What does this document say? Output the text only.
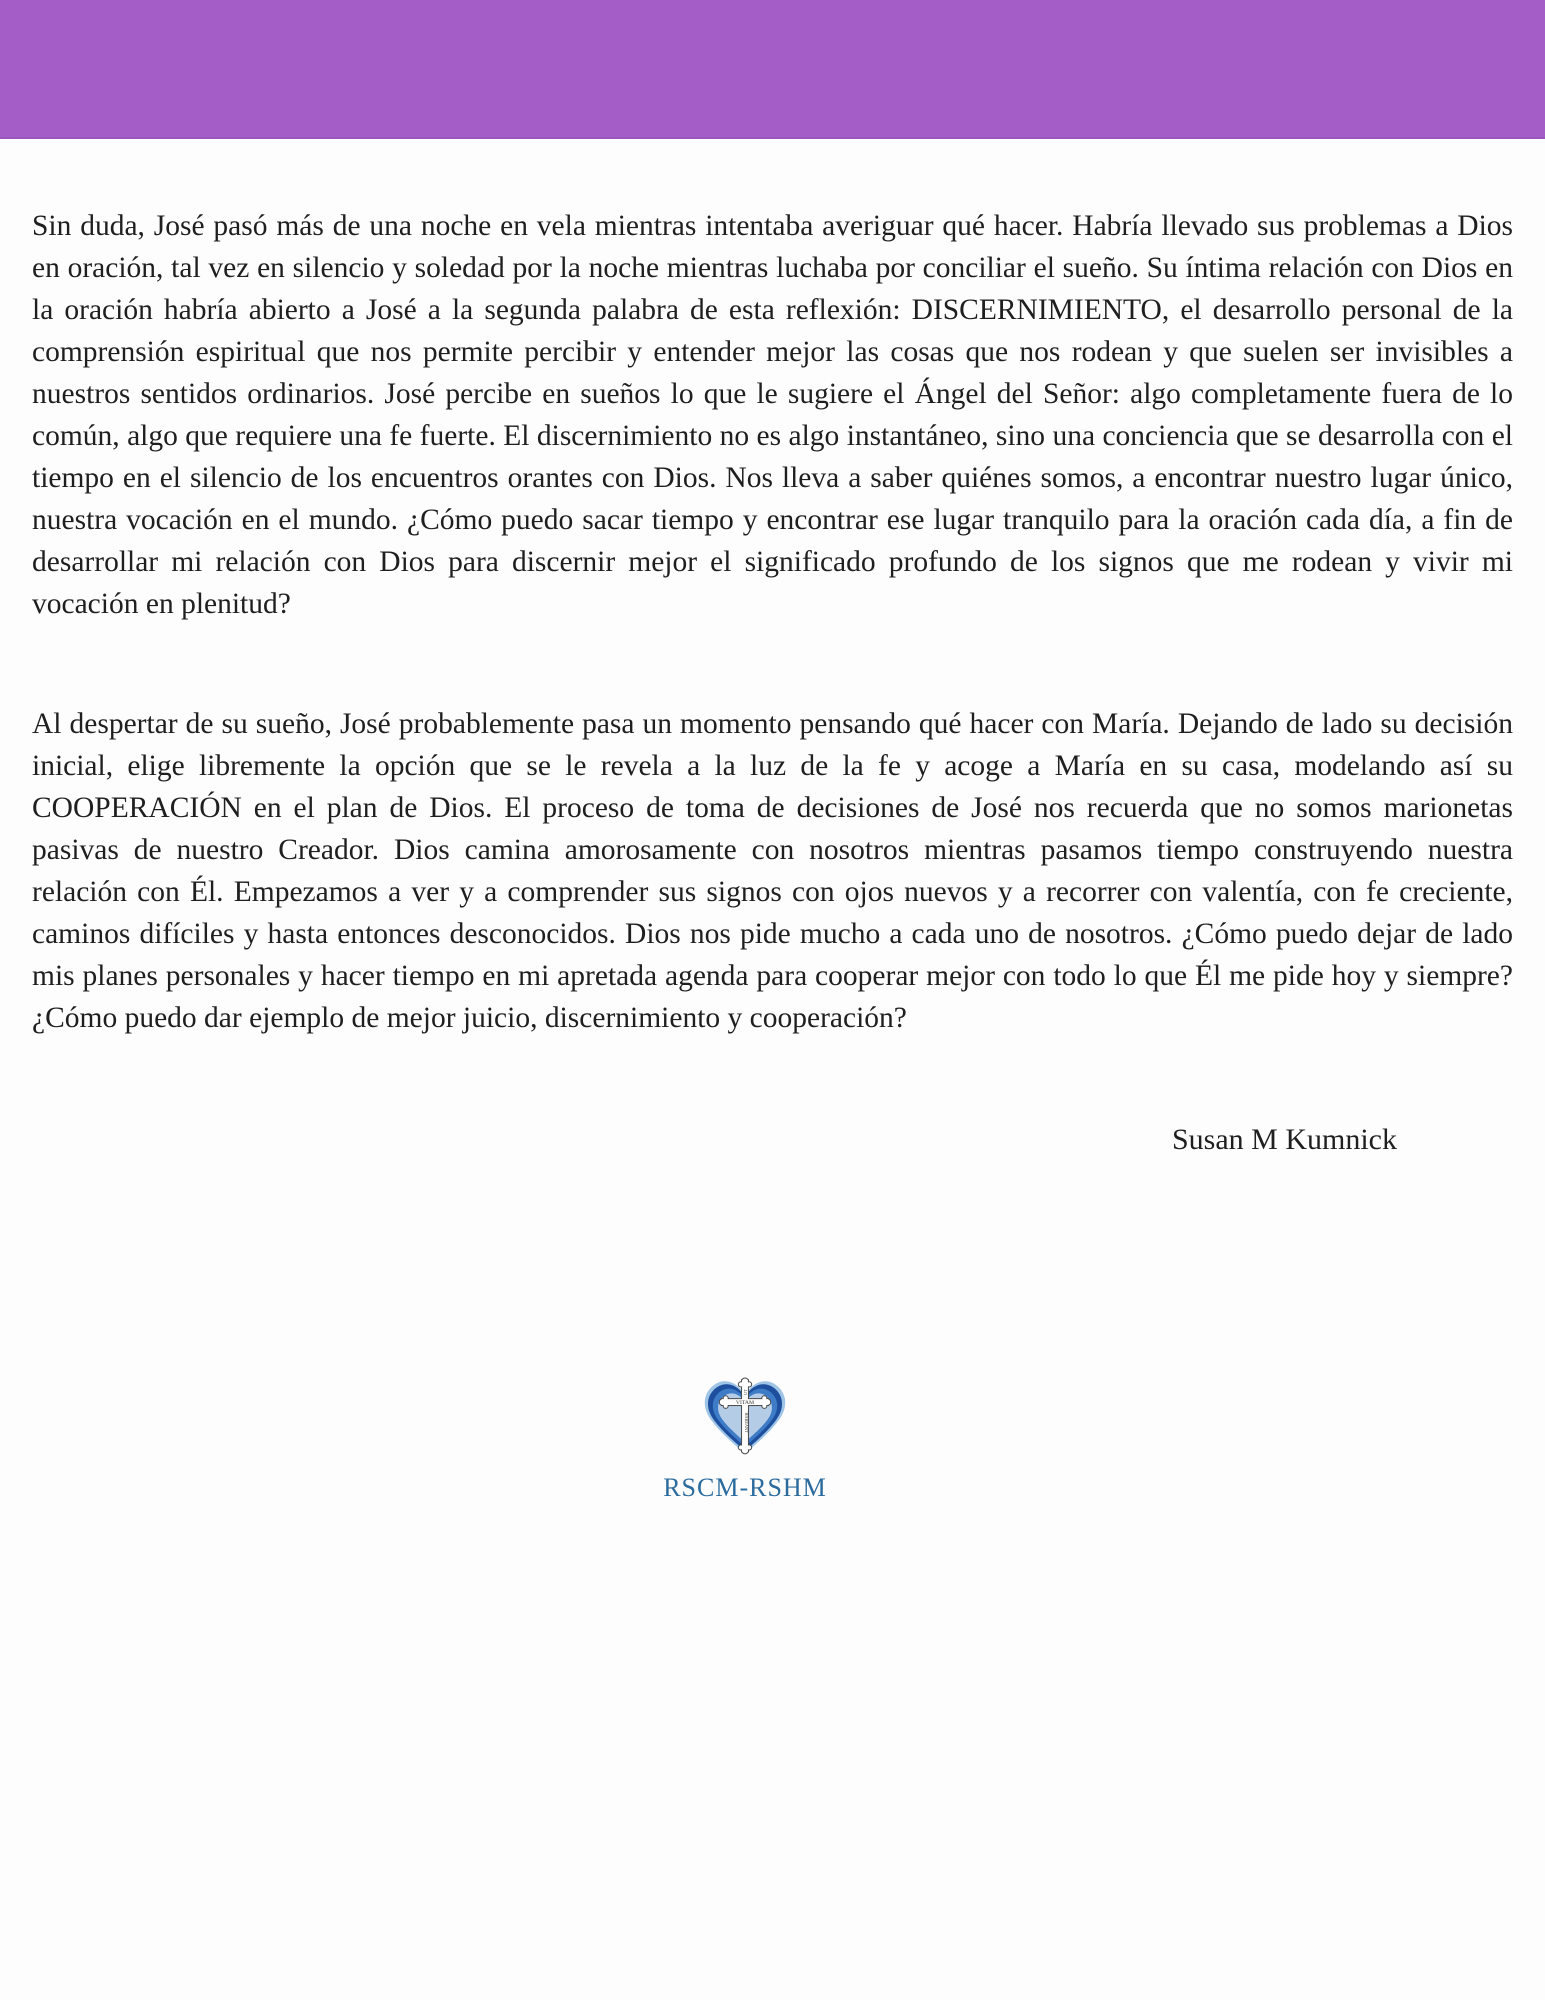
Sin duda, José pasó más de una noche en vela mientras intentaba averiguar qué hacer. Habría llevado sus problemas a Dios en oración, tal vez en silencio y soledad por la noche mientras luchaba por conciliar el sueño. Su íntima relación con Dios en la oración habría abierto a José a la segunda palabra de esta reflexión: DISCERNIMIENTO, el desarrollo personal de la comprensión espiritual que nos permite percibir y entender mejor las cosas que nos rodean y que suelen ser invisibles a nuestros sentidos ordinarios. José percibe en sueños lo que le sugiere el Ángel del Señor: algo completamente fuera de lo común, algo que requiere una fe fuerte. El discernimiento no es algo instantáneo, sino una conciencia que se desarrolla con el tiempo en el silencio de los encuentros orantes con Dios. Nos lleva a saber quiénes somos, a encontrar nuestro lugar único, nuestra vocación en el mundo. ¿Cómo puedo sacar tiempo y encontrar ese lugar tranquilo para la oración cada día, a fin de desarrollar mi relación con Dios para discernir mejor el significado profundo de los signos que me rodean y vivir mi vocación en plenitud?

Al despertar de su sueño, José probablemente pasa un momento pensando qué hacer con María. Dejando de lado su decisión inicial, elige libremente la opción que se le revela a la luz de la fe y acoge a María en su casa, modelando así su COOPERACIÓN en el plan de Dios. El proceso de toma de decisiones de José nos recuerda que no somos marionetas pasivas de nuestro Creador. Dios camina amorosamente con nosotros mientras pasamos tiempo construyendo nuestra relación con Él. Empezamos a ver y a comprender sus signos con ojos nuevos y a recorrer con valentía, con fe creciente, caminos difíciles y hasta entonces desconocidos. Dios nos pide mucho a cada uno de nosotros. ¿Cómo puedo dejar de lado mis planes personales y hacer tiempo en mi apretada agenda para cooperar mejor con todo lo que Él me pide hoy y siempre? ¿Cómo puedo dar ejemplo de mejor juicio, discernimiento y cooperación?

Susan M Kumnick
VITAM
UT
HABEANT
RSCM-RSHM
